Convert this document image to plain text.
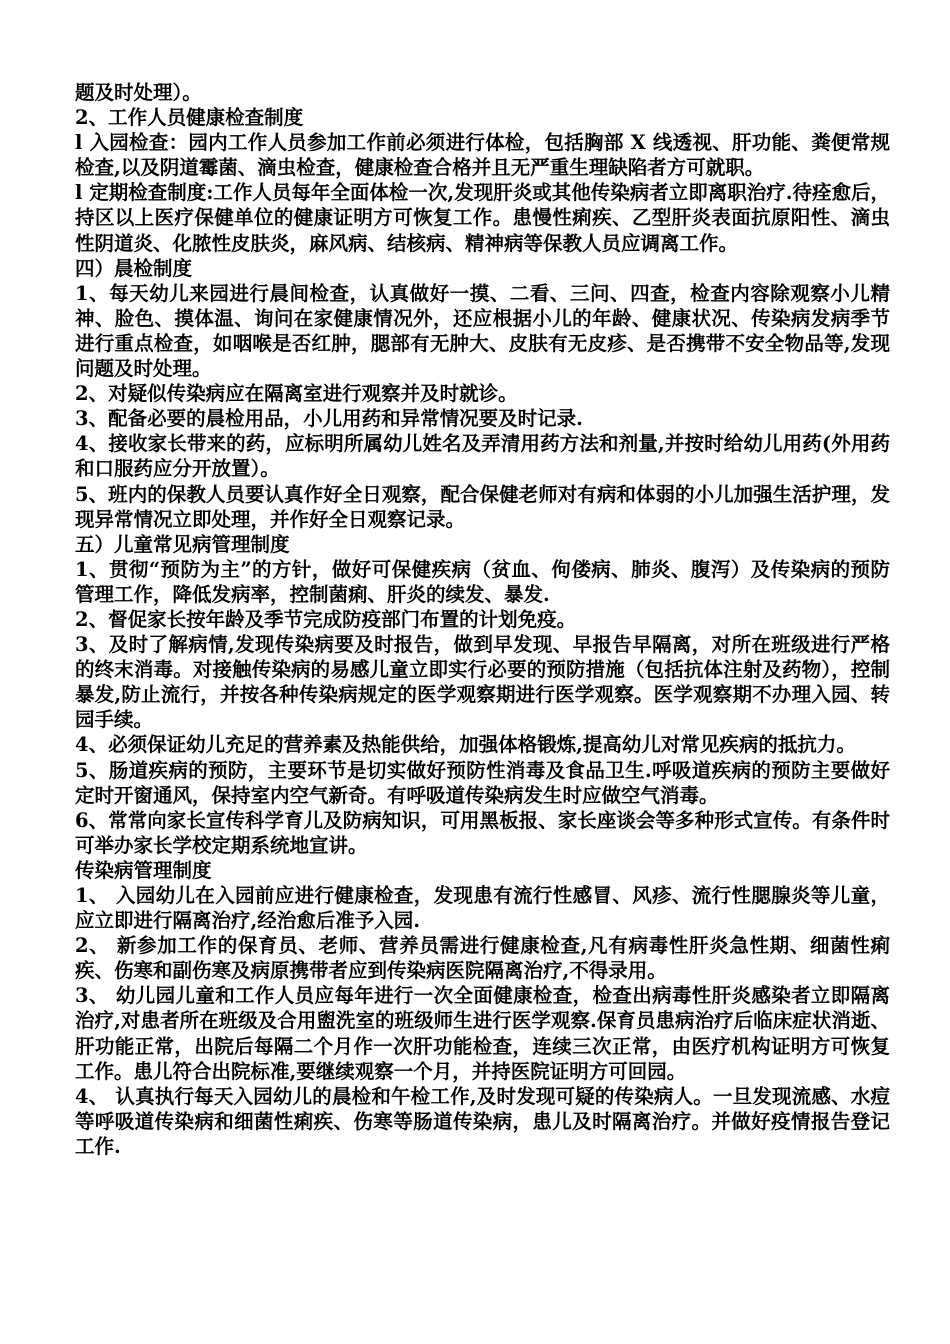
题及时处理）。

2、工作人员健康检查制度

l 入园检查：园内工作人员参加工作前必须进行体检，包括胸部 X 线透视、肝功能、粪便常规检查,以及阴道霉菌、滴虫检查，健康检查合格并且无严重生理缺陷者方可就职。

l 定期检查制度:工作人员每年全面体检一次,发现肝炎或其他传染病者立即离职治疗.待痊愈后，持区以上医疗保健单位的健康证明方可恢复工作。患慢性痢疾、乙型肝炎表面抗原阳性、滴虫性阴道炎、化脓性皮肤炎，麻风病、结核病、精神病等保教人员应调离工作。

四）晨检制度

1、每天幼儿来园进行晨间检查，认真做好一摸、二看、三问、四查，检查内容除观察小儿精神、脸色、摸体温、询问在家健康情况外，还应根据小儿的年龄、健康状况、传染病发病季节进行重点检查，如咽喉是否红肿，腮部有无肿大、皮肤有无皮疹、是否携带不安全物品等,发现问题及时处理。

2、对疑似传染病应在隔离室进行观察并及时就诊。

3、配备必要的晨检用品，小儿用药和异常情况要及时记录.

4、接收家长带来的药，应标明所属幼儿姓名及弄清用药方法和剂量,并按时给幼儿用药(外用药和口服药应分开放置）。

5、班内的保教人员要认真作好全日观察，配合保健老师对有病和体弱的小儿加强生活护理，发现异常情况立即处理，并作好全日观察记录。

五）儿童常见病管理制度

1、贯彻“预防为主”的方针，做好可保健疾病（贫血、佝偻病、肺炎、腹泻）及传染病的预防管理工作，降低发病率，控制菌痢、肝炎的续发、暴发.

2、督促家长按年龄及季节完成防疫部门布置的计划免疫。

3、及时了解病情,发现传染病要及时报告，做到早发现、早报告早隔离，对所在班级进行严格的终末消毒。对接触传染病的易感儿童立即实行必要的预防措施（包括抗体注射及药物），控制暴发,防止流行，并按各种传染病规定的医学观察期进行医学观察。医学观察期不办理入园、转园手续。

4、必须保证幼儿充足的营养素及热能供给，加强体格锻炼,提高幼儿对常见疾病的抵抗力。

5、肠道疾病的预防，主要环节是切实做好预防性消毒及食品卫生.呼吸道疾病的预防主要做好定时开窗通风，保持室内空气新奇。有呼吸道传染病发生时应做空气消毒。

6、常常向家长宣传科学育儿及防病知识，可用黑板报、家长座谈会等多种形式宣传。有条件时可举办家长学校定期系统地宣讲。

传染病管理制度

1、 入园幼儿在入园前应进行健康检查，发现患有流行性感冒、风疹、流行性腮腺炎等儿童，应立即进行隔离治疗,经治愈后准予入园.

2、 新参加工作的保育员、老师、营养员需进行健康检查,凡有病毒性肝炎急性期、细菌性痢疾、伤寒和副伤寒及病原携带者应到传染病医院隔离治疗,不得录用。

3、 幼儿园儿童和工作人员应每年进行一次全面健康检查，检查出病毒性肝炎感染者立即隔离治疗,对患者所在班级及合用盥洗室的班级师生进行医学观察.保育员患病治疗后临床症状消逝、肝功能正常，出院后每隔二个月作一次肝功能检查，连续三次正常，由医疗机构证明方可恢复工作。患儿符合出院标准,要继续观察一个月，并持医院证明方可回园。

4、 认真执行每天入园幼儿的晨检和午检工作,及时发现可疑的传染病人。一旦发现流感、水痘等呼吸道传染病和细菌性痢疾、伤寒等肠道传染病，患儿及时隔离治疗。并做好疫情报告登记工作.
